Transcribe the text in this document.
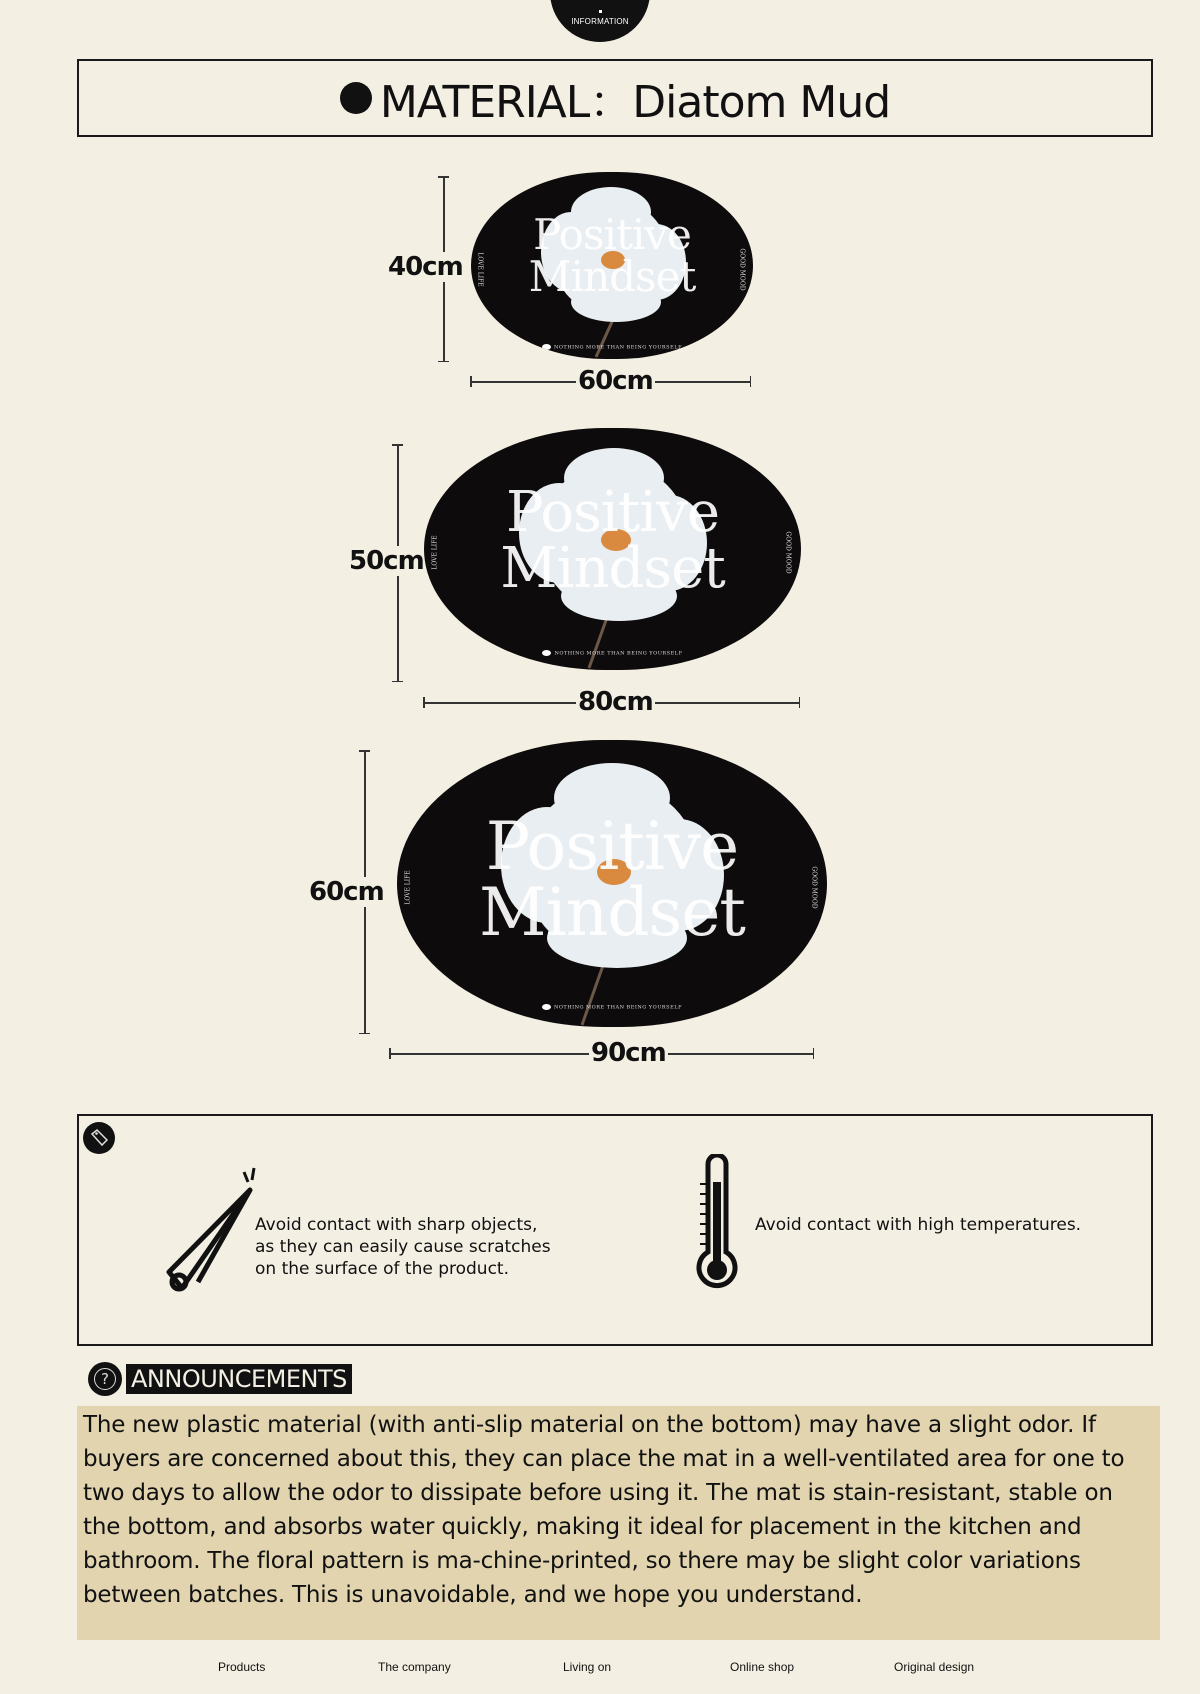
INFORMATION
MATERIAL：Diatom Mud
40cm
Positive
Mindset
LOVE LIFE	GOOD MOOD
NOTHING MORE THAN BEING YOURSELF
60cm
50cm
Positive
Mindset
LOVE LIFE	GOOD MOOD
NOTHING MORE THAN BEING YOURSELF
80cm
60cm
Positive
Mindset
LOVE LIFE	GOOD MOOD
NOTHING MORE THAN BEING YOURSELF
90cm
Avoid contact with sharp objects,
as they can easily cause scratches
on the surface of the product.
Avoid contact with high temperatures.
? ANNOUNCEMENTS
The new plastic material (with anti-slip material on the bottom) may have a slight odor. If buyers are concerned about this, they can place the mat in a well-ventilated area for one to two days to allow the odor to dissipate before using it. The mat is stain-resistant, stable on the bottom, and absorbs water quickly, making it ideal for placement in the kitchen and bathroom. The floral pattern is ma-chine-printed, so there may be slight color variations between batches. This is unavoidable, and we hope you understand.
Products	The company	Living on	Online shop	Original design
